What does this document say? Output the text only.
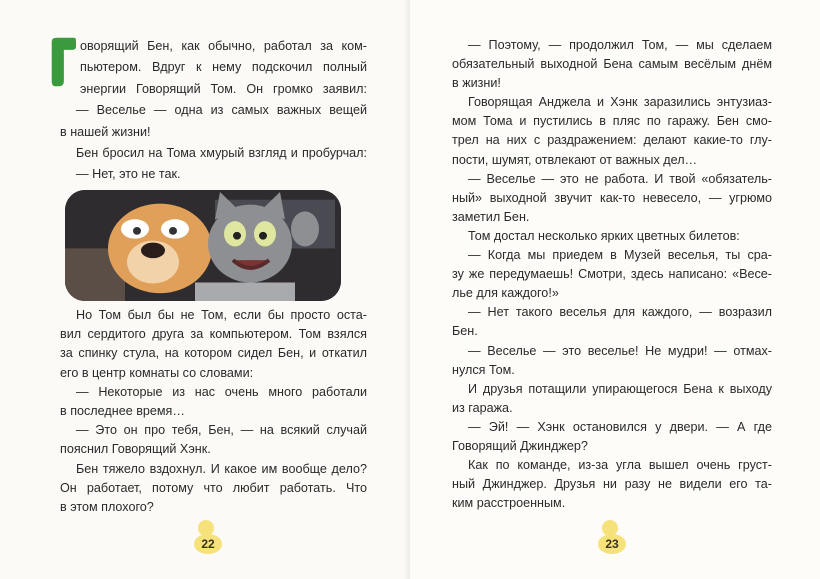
оворящий Бен, как обычно, работал за ком-
пьютером. Вдруг к нему подскочил полный
энергии Говорящий Том. Он громко заявил:
— Веселье — одна из самых важных вещей
в нашей жизни!
Бен бросил на Тома хмурый взгляд и пробурчал:
— Нет, это не так.
Но Том был бы не Том, если бы просто оста-
вил сердитого друга за компьютером. Том взялся
за спинку стула, на котором сидел Бен, и откатил
его в центр комнаты со словами:
— Некоторые из нас очень много работали
в последнее время…
— Это он про тебя, Бен, — на всякий случай
пояснил Говорящий Хэнк.
Бен тяжело вздохнул. И какое им вообще дело?
Он работает, потому что любит работать. Что
в этом плохого?
22
— Поэтому, — продолжил Том, — мы сделаем
обязательный выходной Бена самым весёлым днём
в жизни!
Говорящая Анджела и Хэнк заразились энтузиаз-
мом Тома и пустились в пляс по гаражу. Бен смо-
трел на них с раздражением: делают какие-то глу-
пости, шумят, отвлекают от важных дел…
— Веселье — это не работа. И твой «обязатель-
ный» выходной звучит как-то невесело, — угрюмо
заметил Бен.
Том достал несколько ярких цветных билетов:
— Когда мы приедем в Музей веселья, ты сра-
зу же передумаешь! Смотри, здесь написано: «Весе-
лье для каждого!»
— Нет такого веселья для каждого, — возразил
Бен.
— Веселье — это веселье! Не мудри! — отмах-
нулся Том.
И друзья потащили упирающегося Бена к выходу
из гаража.
— Эй! — Хэнк остановился у двери. — А где
Говорящий Джинджер?
Как по команде, из-за угла вышел очень груст-
ный Джинджер. Друзья ни разу не видели его та-
ким расстроенным.
23
